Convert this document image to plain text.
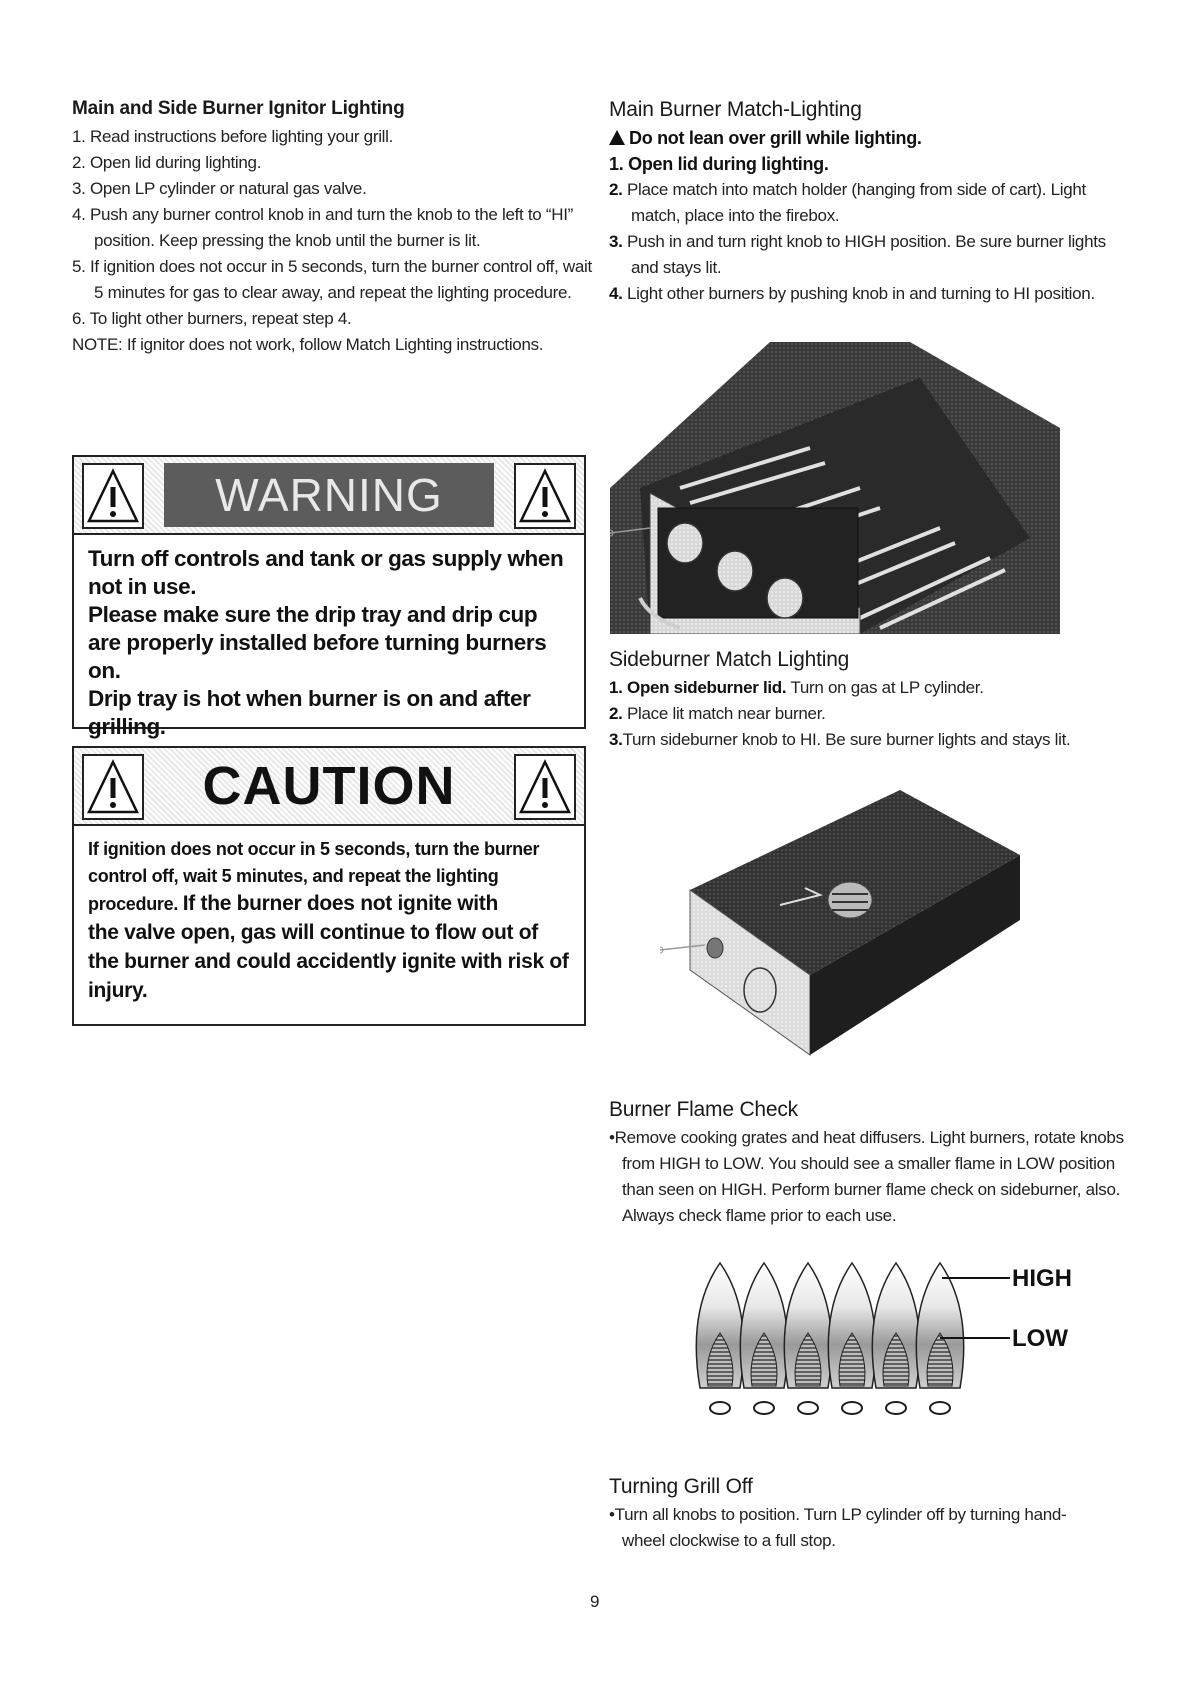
Main and Side Burner Ignitor Lighting
1. Read instructions before lighting your grill.
2. Open lid during lighting.
3. Open LP cylinder or natural gas valve.
4. Push any burner control knob in and turn the knob to the left to “HI” position. Keep pressing the knob until the burner is lit.
5. If ignition does not occur in 5 seconds, turn the burner control off, wait 5 minutes for gas to clear away, and repeat the lighting procedure.
6. To light other burners, repeat step 4.
NOTE: If ignitor does not work, follow Match Lighting instructions.
WARNING

Turn off controls and tank or gas supply when not in use.

Please make sure the drip tray and drip cup are properly installed before turning burners on.

Drip tray is hot when burner is on and after grilling.

CAUTION

If ignition does not occur in 5 seconds, turn the burner control off, wait 5 minutes, and repeat the lighting procedure. If the burner does not ignite with

the valve open, gas will continue to flow out of the burner and could accidently ignite with risk of injury.

Main Burner Match-Lighting
Do not lean over grill while lighting.
1. Open lid during lighting.
2. Place match into match holder (hanging from side of cart). Light match, place into the firebox.
3. Push in and turn right knob to HIGH position. Be sure burner lights and stays lit.
4. Light other burners by pushing knob in and turning to HI position.
Sideburner Match Lighting
1. Open sideburner lid. Turn on gas at LP cylinder.
2. Place lit match near burner.
3.Turn sideburner knob to HI. Be sure burner lights and stays lit.
Burner Flame Check

•Remove cooking grates and heat diffusers. Light burners, rotate knobs from HIGH to LOW. You should see a smaller flame in LOW position than seen on HIGH. Perform burner flame check on sideburner, also. Always check flame prior to each use.

HIGH
LOW
Turning Grill Off

•Turn all knobs to position. Turn LP cylinder off by turning hand-wheel clockwise to a full stop.

9
